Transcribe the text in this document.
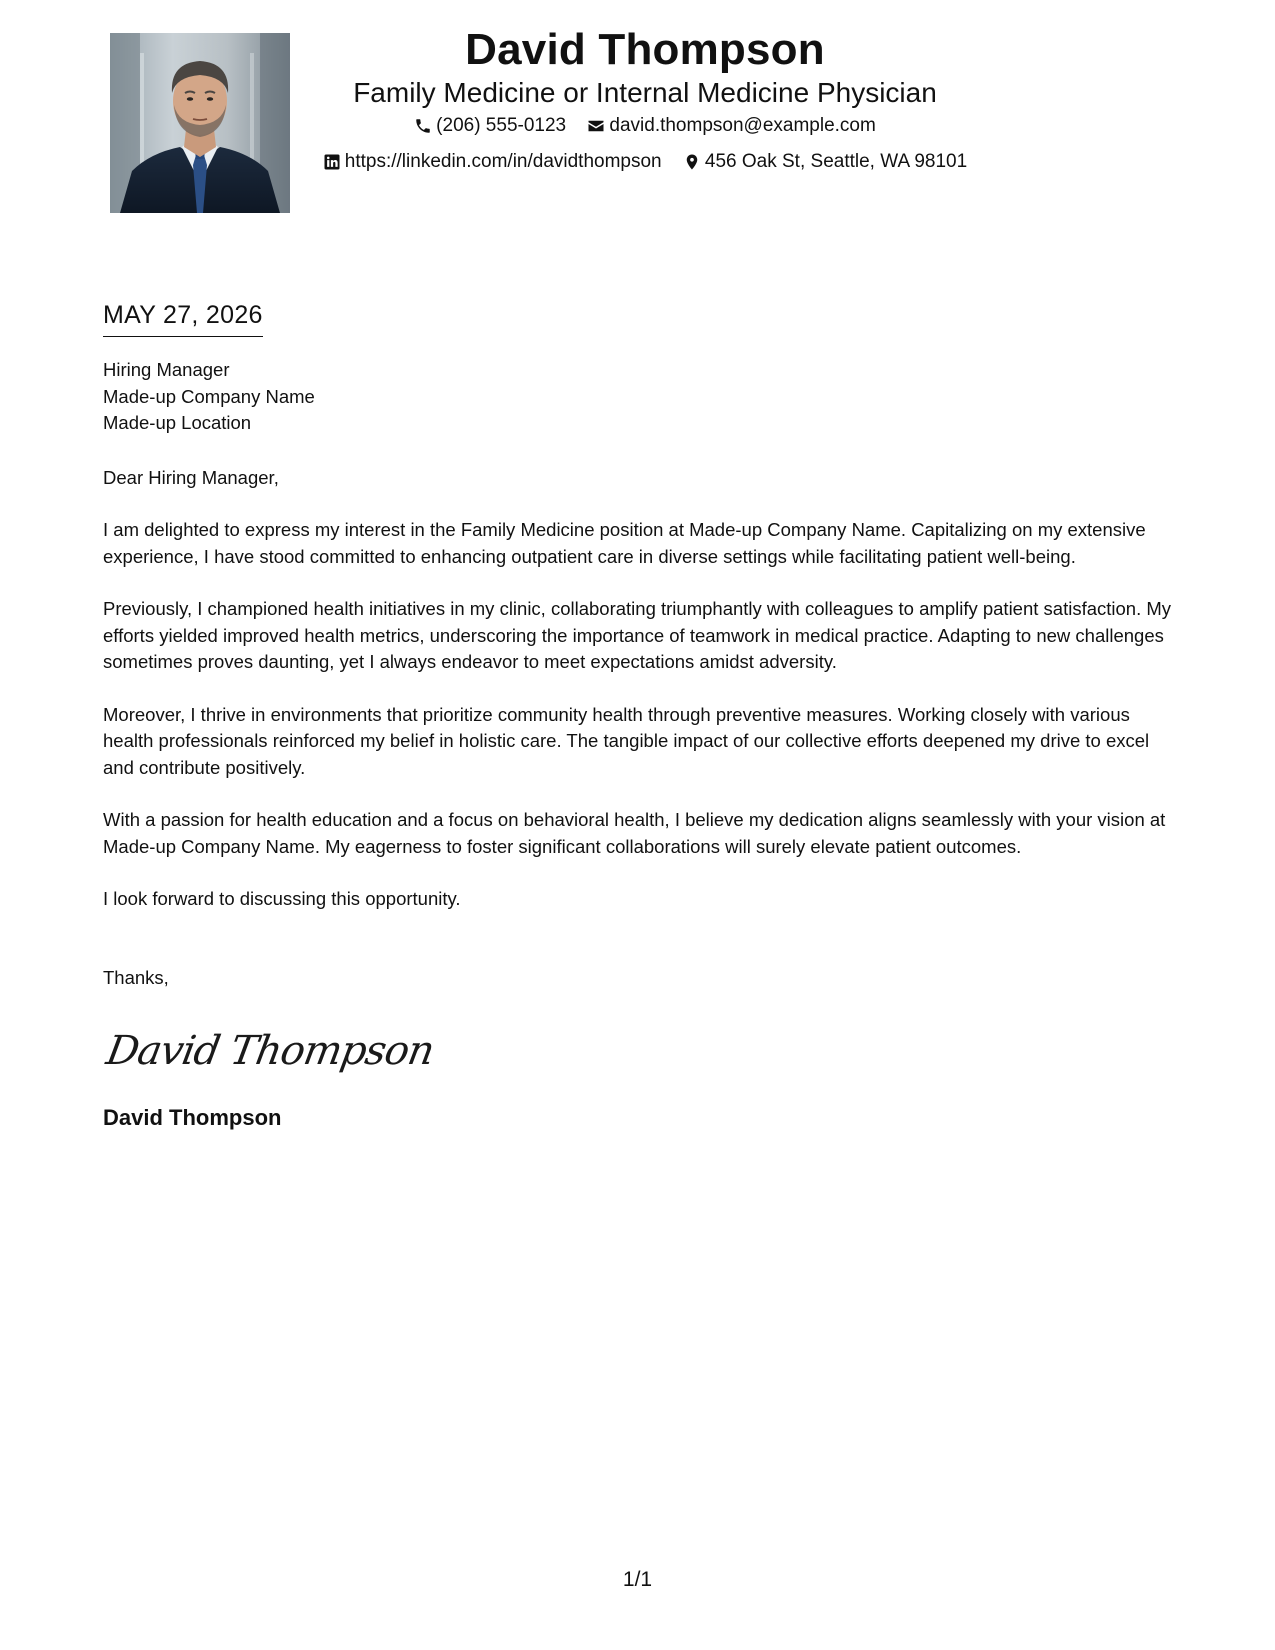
David Thompson
Family Medicine or Internal Medicine Physician
(206) 555-0123
david.thompson@example.com
https://linkedin.com/in/davidthompson
456 Oak St, Seattle, WA 98101
MAY 27, 2026
Hiring Manager
Made-up Company Name
Made-up Location
Dear Hiring Manager,
I am delighted to express my interest in the Family Medicine position at Made-up Company Name. Capitalizing on my extensive experience, I have stood committed to enhancing outpatient care in diverse settings while facilitating patient well-being.
Previously, I championed health initiatives in my clinic, collaborating triumphantly with colleagues to amplify patient satisfaction. My efforts yielded improved health metrics, underscoring the importance of teamwork in medical practice. Adapting to new challenges sometimes proves daunting, yet I always endeavor to meet expectations amidst adversity.
Moreover, I thrive in environments that prioritize community health through preventive measures. Working closely with various health professionals reinforced my belief in holistic care. The tangible impact of our collective efforts deepened my drive to excel and contribute positively.
With a passion for health education and a focus on behavioral health, I believe my dedication aligns seamlessly with your vision at Made-up Company Name. My eagerness to foster significant collaborations will surely elevate patient outcomes.
I look forward to discussing this opportunity.
Thanks,
David Thompson
David Thompson
1/1
